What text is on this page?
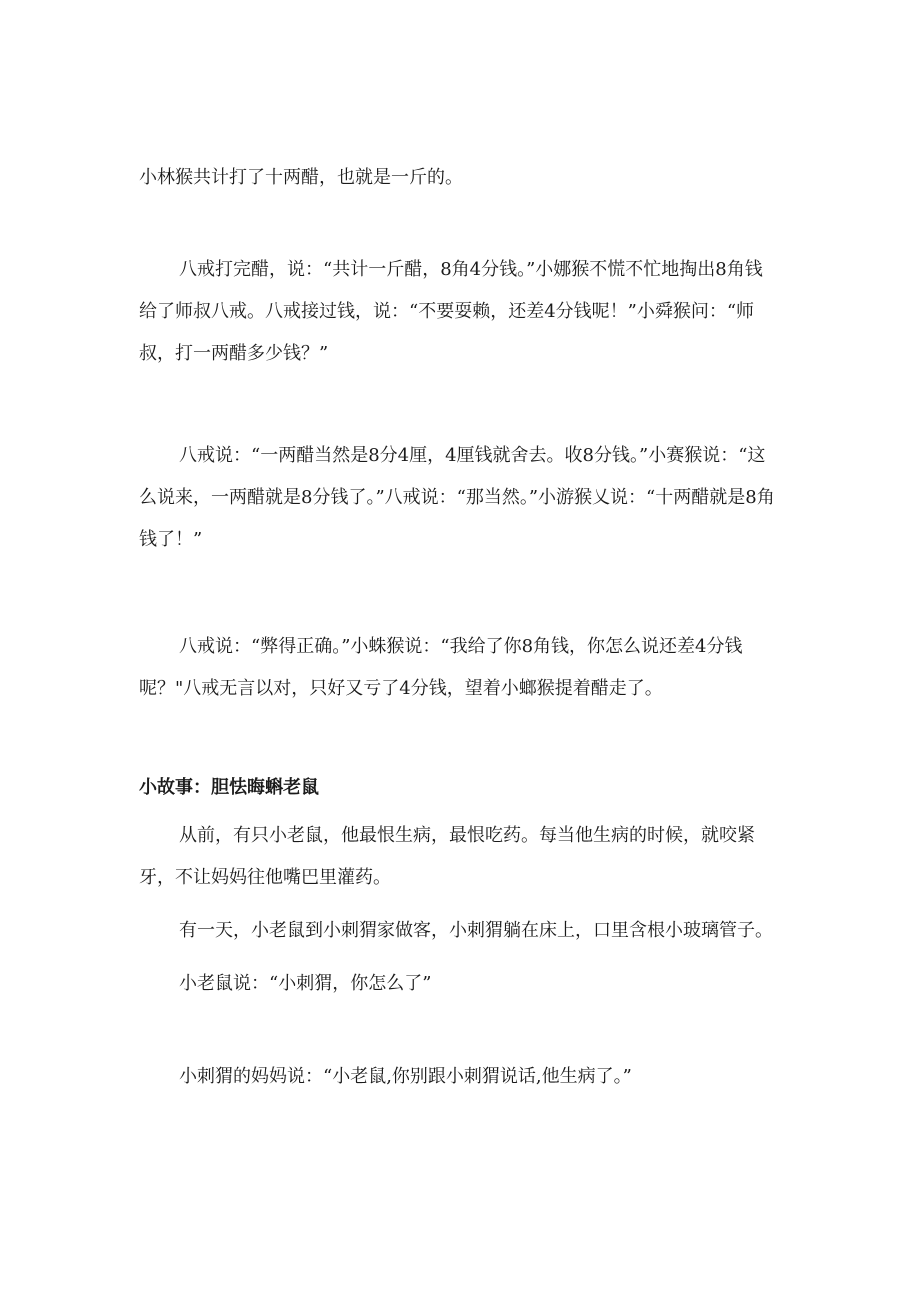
小林猴共计打了十两醋，也就是一斤的。

八戒打完醋，说：“共计一斤醋，8角4分钱。”小娜猴不慌不忙地掏出8角钱给了师叔八戒。八戒接过钱，说：“不要耍赖，还差4分钱呢！”小舜猴问：“师叔，打一两醋多少钱？”

八戒说：“一两醋当然是8分4厘，4厘钱就舍去。收8分钱。”小赛猴说：“这么说来，一两醋就是8分钱了。”八戒说：“那当然。”小游猴乂说：“十两醋就是8角钱了！”

八戒说：“弊得正确。”小蛛猴说：“我给了你8角钱，你怎么说还差4分钱呢？"八戒无言以对，只好又亏了4分钱，望着小螂猴提着醋走了。

小故事：胆怯晦蝌老鼠

从前，有只小老鼠，他最恨生病，最恨吃药。每当他生病的时候，就咬紧牙，不让妈妈往他嘴巴里灌药。

有一天，小老鼠到小刺猬家做客，小刺猬躺在床上，口里含根小玻璃管子。

小老鼠说：“小刺猬，你怎么了”

小刺猬的妈妈说：“小老鼠,你别跟小刺猬说话,他生病了。”
